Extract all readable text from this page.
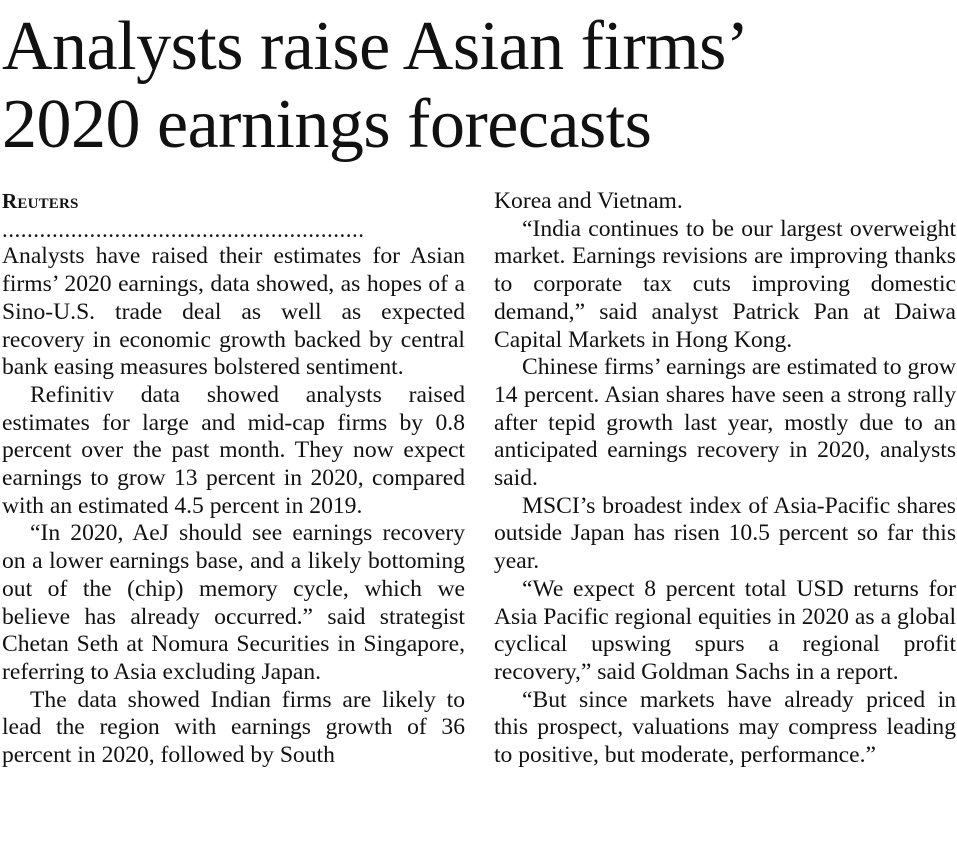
Analysts raise Asian firms’
2020 earnings forecasts

Reuters

..........................................................

Analysts have raised their estimates for Asian firms’ 2020 earnings, data showed, as hopes of a Sino-U.S. trade deal as well as expected recovery in economic growth backed by central bank easing measures bolstered sentiment.

Refinitiv data showed analysts raised estimates for large and mid-cap firms by 0.8 percent over the past month. They now expect earnings to grow 13 percent in 2020, compared with an estimated 4.5 percent in 2019.

“In 2020, AeJ should see earnings recovery on a lower earnings base, and a likely bottoming out of the (chip) memory cycle, which we believe has already occurred.” said strategist Chetan Seth at Nomura Securities in Singapore, referring to Asia excluding Japan.

The data showed Indian firms are likely to lead the region with earnings growth of 36 percent in 2020, followed by South

Korea and Vietnam.

“India continues to be our largest overweight market. Earnings revisions are improving thanks to corporate tax cuts improving domestic demand,” said analyst Patrick Pan at Daiwa Capital Markets in Hong Kong.

Chinese firms’ earnings are estimated to grow 14 percent. Asian shares have seen a strong rally after tepid growth last year, mostly due to an anticipated earnings recovery in 2020, analysts said.

MSCI’s broadest index of Asia-Pacific shares outside Japan has risen 10.5 percent so far this year.

“We expect 8 percent total USD returns for Asia Pacific regional equities in 2020 as a global cyclical upswing spurs a regional profit recovery,” said Goldman Sachs in a report.

“But since markets have already priced in this prospect, valuations may compress leading to positive, but moderate, performance.”
